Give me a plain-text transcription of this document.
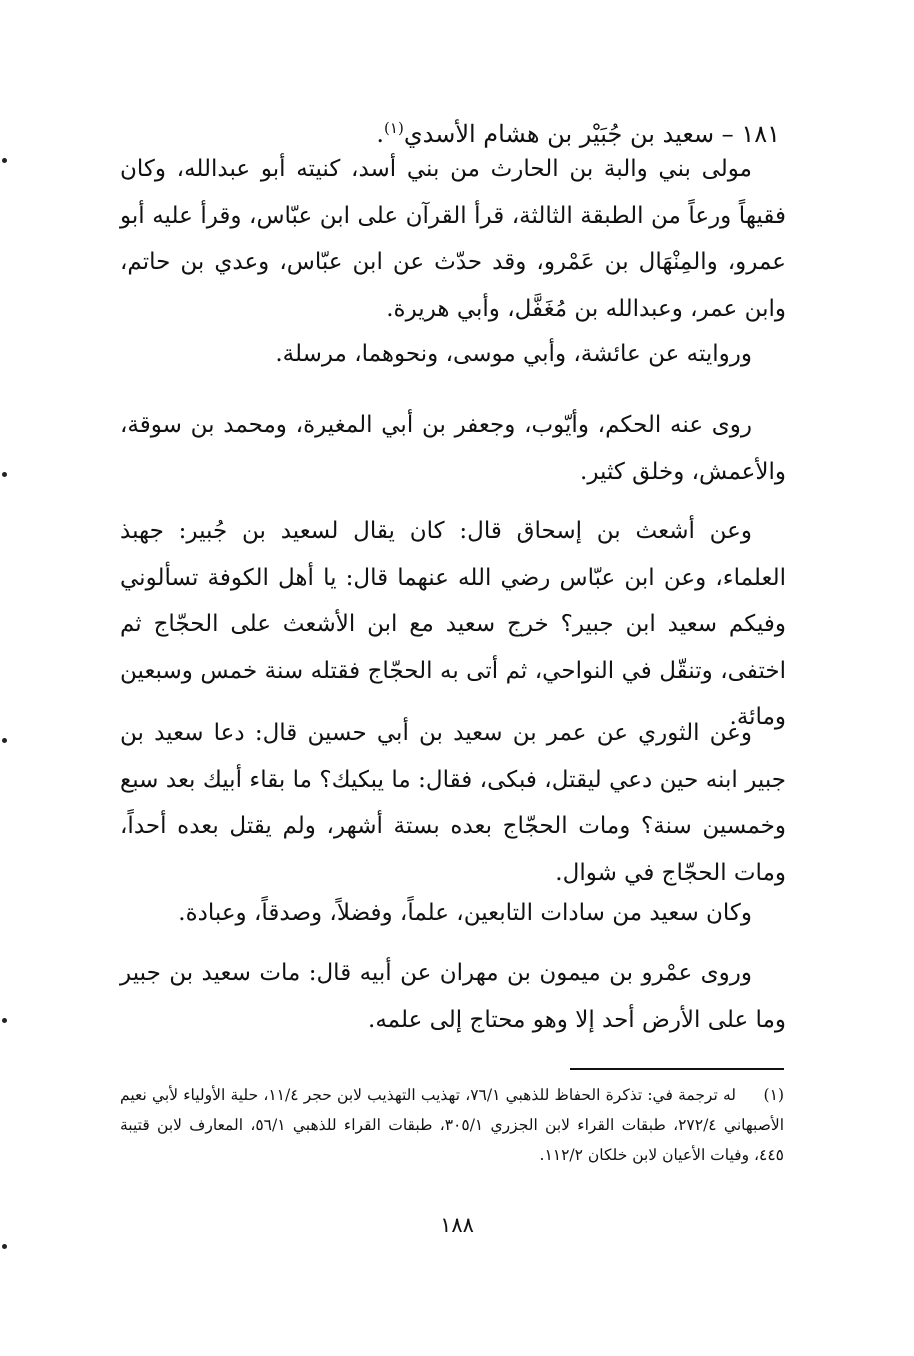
١٨١ – سعيد بن جُبَيْر بن هشام الأسدي$^{(١)}$.

مولى بني والبة بن الحارث من بني أسد، كنيته أبو عبدالله، وكان فقيهاً ورعاً من الطبقة الثالثة، قرأ القرآن على ابن عبّاس، وقرأ عليه أبو عمرو، والمِنْهَال بن عَمْرو، وقد حدّث عن ابن عبّاس، وعدي بن حاتم، وابن عمر، وعبدالله بن مُغَفَّل، وأبي هريرة.

وروايته عن عائشة، وأبي موسى، ونحوهما، مرسلة.

روى عنه الحكم، وأيّوب، وجعفر بن أبي المغيرة، ومحمد بن سوقة، والأعمش، وخلق كثير.

وعن أشعث بن إسحاق قال: كان يقال لسعيد بن جُبير: جهبذ العلماء، وعن ابن عبّاس رضي الله عنهما قال: يا أهل الكوفة تسألوني وفيكم سعيد ابن جبير؟ خرج سعيد مع ابن الأشعث على الحجّاج ثم اختفى، وتنقّل في النواحي، ثم أتى به الحجّاج فقتله سنة خمس وسبعين ومائة.

وعن الثوري عن عمر بن سعيد بن أبي حسين قال: دعا سعيد بن جبير ابنه حين دعي ليقتل، فبكى، فقال: ما يبكيك؟ ما بقاء أبيك بعد سبع وخمسين سنة؟ ومات الحجّاج بعده بستة أشهر، ولم يقتل بعده أحداً، ومات الحجّاج في شوال.

وكان سعيد من سادات التابعين، علماً، وفضلاً، وصدقاً، وعبادة.

وروى عمْرو بن ميمون بن مهران عن أبيه قال: مات سعيد بن جبير وما على الأرض أحد إلا وهو محتاج إلى علمه.

(١)له ترجمة في: تذكرة الحفاظ للذهبي ٧٦/١، تهذيب التهذيب لابن حجر ١١/٤، حلية الأولياء لأبي نعيم الأصبهاني ٢٧٢/٤، طبقات القراء لابن الجزري ٣٠٥/١، طبقات القراء للذهبي ٥٦/١، المعارف لابن قتيبة ٤٤٥، وفيات الأعيان لابن خلكان ١١٢/٢.
١٨٨
